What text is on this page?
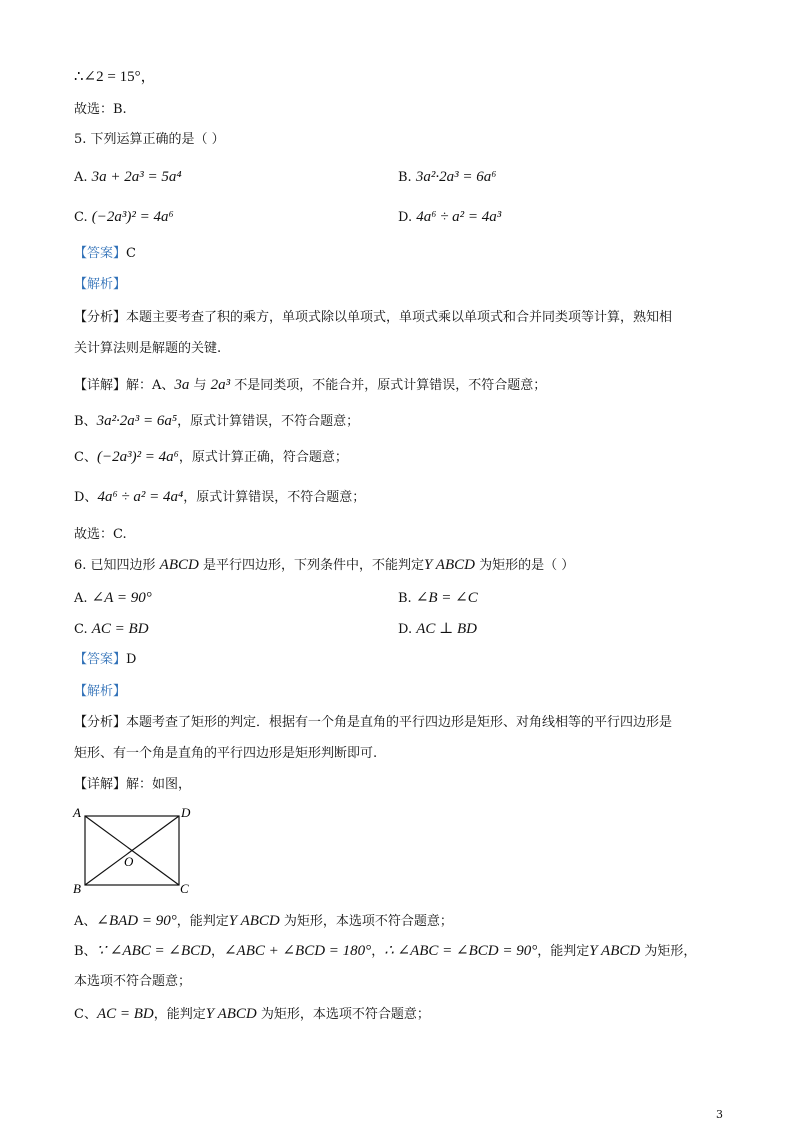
∴∠2 = 15°，
故选：B.
5. 下列运算正确的是（ ）
A. 3a + 2a³ = 5a⁴	B. 3a²·2a³ = 6a⁶
C. (−2a³)² = 4a⁶	D. 4a⁶ ÷ a² = 4a³
【答案】C
【解析】
【分析】本题主要考查了积的乘方，单项式除以单项式，单项式乘以单项式和合并同类项等计算，熟知相
关计算法则是解题的关键.
【详解】解：A、3a 与 2a³ 不是同类项，不能合并，原式计算错误，不符合题意；
B、3a²·2a³ = 6a⁵，原式计算错误，不符合题意；
C、(−2a³)² = 4a⁶，原式计算正确，符合题意；
D、4a⁶ ÷ a² = 4a⁴，原式计算错误，不符合题意；
故选：C.
6. 已知四边形 ABCD 是平行四边形，下列条件中，不能判定Y ABCD 为矩形的是（ ）
A. ∠A = 90°	B. ∠B = ∠C
C. AC = BD	D. AC ⊥ BD
【答案】D
【解析】
【分析】本题考查了矩形的判定．根据有一个角是直角的平行四边形是矩形、对角线相等的平行四边形是
矩形、有一个角是直角的平行四边形是矩形判断即可.
【详解】解：如图，
A	D
B	C
O
A、∠BAD = 90°，能判定Y ABCD 为矩形，本选项不符合题意；
B、∵ ∠ABC = ∠BCD，∠ABC + ∠BCD = 180°，∴ ∠ABC = ∠BCD = 90°，能判定Y ABCD 为矩形，
本选项不符合题意；
C、AC = BD，能判定Y ABCD 为矩形，本选项不符合题意；
3
